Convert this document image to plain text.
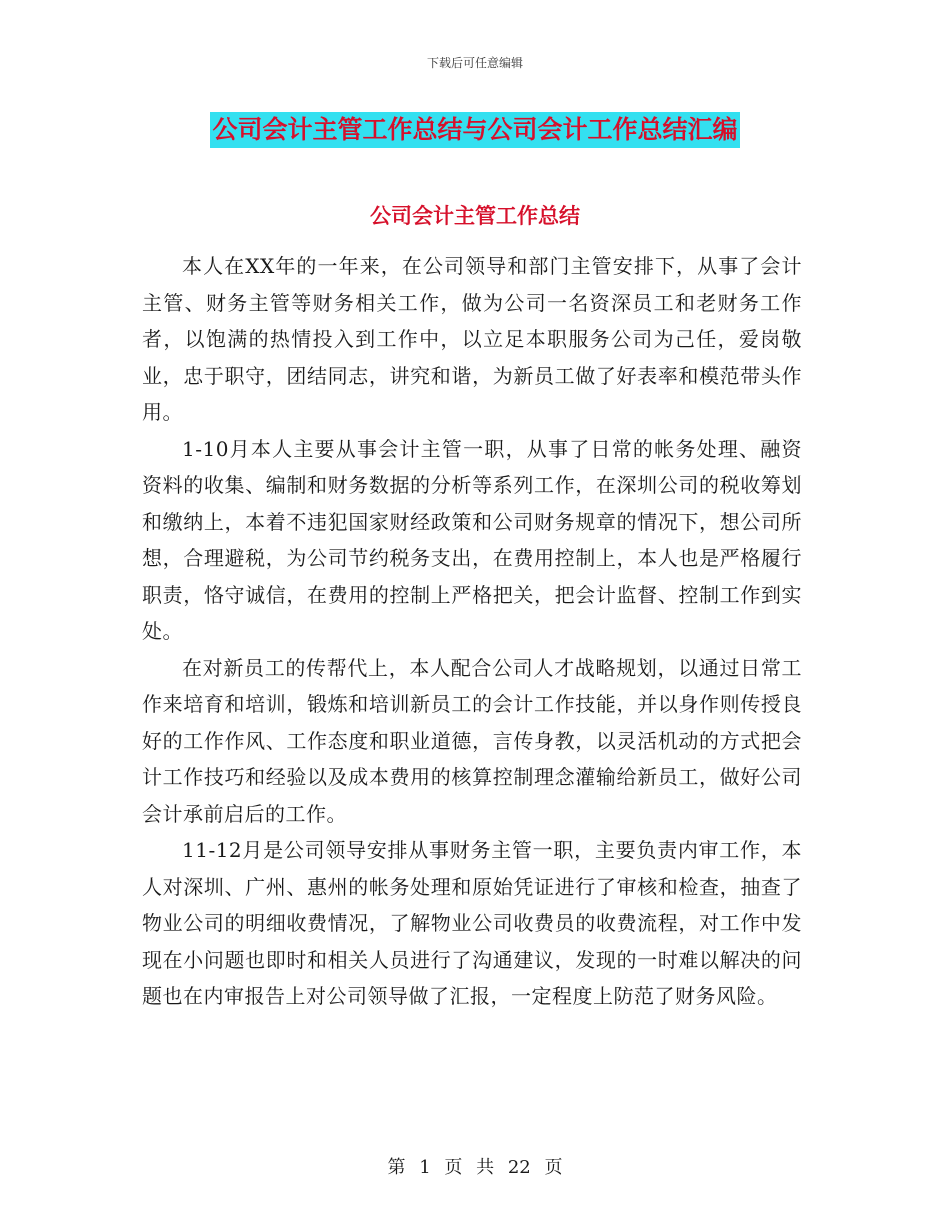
下载后可任意编辑
公司会计主管工作总结与公司会计工作总结汇编
公司会计主管工作总结

本人在XX年的一年来，在公司领导和部门主管安排下，从事了会计主管、财务主管等财务相关工作，做为公司一名资深员工和老财务工作者，以饱满的热情投入到工作中，以立足本职服务公司为己任，爱岗敬业，忠于职守，团结同志，讲究和谐，为新员工做了好表率和模范带头作用。

1-10月本人主要从事会计主管一职，从事了日常的帐务处理、融资资料的收集、编制和财务数据的分析等系列工作，在深圳公司的税收筹划和缴纳上，本着不违犯国家财经政策和公司财务规章的情况下，想公司所想，合理避税，为公司节约税务支出，在费用控制上，本人也是严格履行职责，恪守诚信，在费用的控制上严格把关，把会计监督、控制工作到实处。

在对新员工的传帮代上，本人配合公司人才战略规划，以通过日常工作来培育和培训，锻炼和培训新员工的会计工作技能，并以身作则传授良好的工作作风、工作态度和职业道德，言传身教，以灵活机动的方式把会计工作技巧和经验以及成本费用的核算控制理念灌输给新员工，做好公司会计承前启后的工作。

11-12月是公司领导安排从事财务主管一职，主要负责内审工作，本人对深圳、广州、惠州的帐务处理和原始凭证进行了审核和检查，抽查了物业公司的明细收费情况，了解物业公司收费员的收费流程，对工作中发现在小问题也即时和相关人员进行了沟通建议，发现的一时难以解决的问题也在内审报告上对公司领导做了汇报，一定程度上防范了财务风险。

第 1 页 共 22 页
